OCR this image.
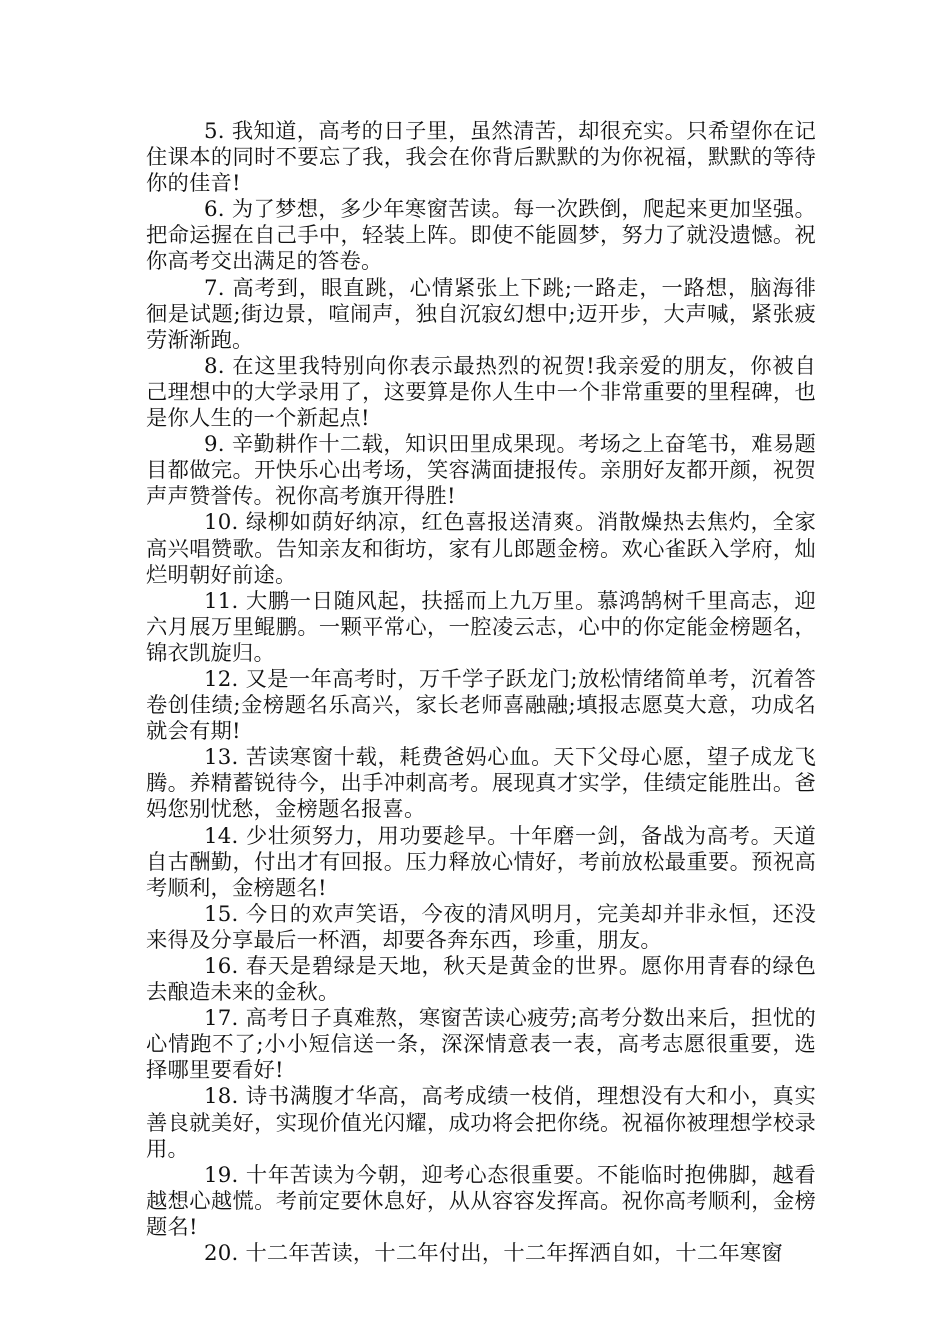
5. 我知道，高考的日子里，虽然清苦，却很充实。只希望你在记住课本的同时不要忘了我，我会在你背后默默的为你祝福，默默的等待你的佳音!

6. 为了梦想，多少年寒窗苦读。每一次跌倒，爬起来更加坚强。把命运握在自己手中，轻装上阵。即使不能圆梦，努力了就没遗憾。祝你高考交出满足的答卷。

7. 高考到，眼直跳，心情紧张上下跳;一路走，一路想，脑海徘徊是试题;街边景，喧闹声，独自沉寂幻想中;迈开步，大声喊，紧张疲劳渐渐跑。

8. 在这里我特别向你表示最热烈的祝贺!我亲爱的朋友，你被自己理想中的大学录用了，这要算是你人生中一个非常重要的里程碑，也是你人生的一个新起点!

9. 辛勤耕作十二载，知识田里成果现。考场之上奋笔书，难易题目都做完。开快乐心出考场，笑容满面捷报传。亲朋好友都开颜，祝贺声声赞誉传。祝你高考旗开得胜!

10. 绿柳如荫好纳凉，红色喜报送清爽。消散燥热去焦灼，全家高兴唱赞歌。告知亲友和街坊，家有儿郎题金榜。欢心雀跃入学府，灿烂明朝好前途。

11. 大鹏一日随风起，扶摇而上九万里。慕鸿鹄树千里高志，迎六月展万里鲲鹏。一颗平常心，一腔凌云志，心中的你定能金榜题名，锦衣凯旋归。

12. 又是一年高考时，万千学子跃龙门;放松情绪简单考，沉着答卷创佳绩;金榜题名乐高兴，家长老师喜融融;填报志愿莫大意，功成名就会有期!

13. 苦读寒窗十载，耗费爸妈心血。天下父母心愿，望子成龙飞腾。养精蓄锐待今，出手冲刺高考。展现真才实学，佳绩定能胜出。爸妈您别忧愁，金榜题名报喜。

14. 少壮须努力，用功要趁早。十年磨一剑，备战为高考。天道自古酬勤，付出才有回报。压力释放心情好，考前放松最重要。预祝高考顺利，金榜题名!

15. 今日的欢声笑语，今夜的清风明月，完美却并非永恒，还没来得及分享最后一杯酒，却要各奔东西，珍重，朋友。

16. 春天是碧绿是天地，秋天是黄金的世界。愿你用青春的绿色去酿造未来的金秋。

17. 高考日子真难熬，寒窗苦读心疲劳;高考分数出来后，担忧的心情跑不了;小小短信送一条，深深情意表一表，高考志愿很重要，选择哪里要看好!

18. 诗书满腹才华高，高考成绩一枝俏，理想没有大和小，真实善良就美好，实现价值光闪耀，成功将会把你绕。祝福你被理想学校录用。

19. 十年苦读为今朝，迎考心态很重要。不能临时抱佛脚，越看越想心越慌。考前定要休息好，从从容容发挥高。祝你高考顺利，金榜题名!

20. 十二年苦读，十二年付出，十二年挥洒自如，十二年寒窗
